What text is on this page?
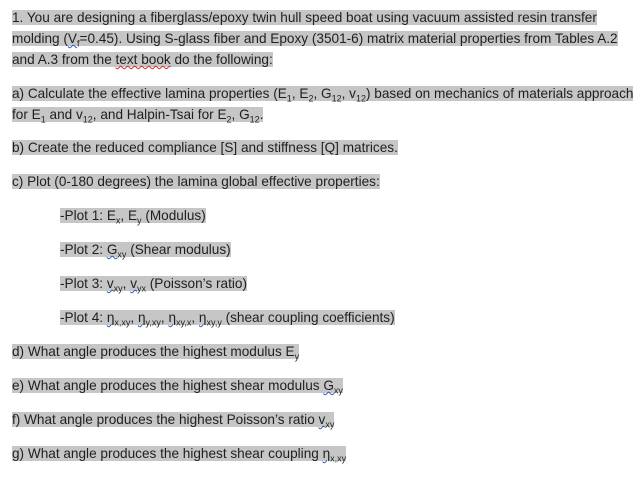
1. You are designing a fiberglass/epoxy twin hull speed boat using vacuum assisted resin transfer
molding $(V_f=0.45)$. Using S-glass fiber and Epoxy (3501-6) matrix material properties from Tables A.2
and A.3 from the text book do the following:
a) Calculate the effective lamina properties ($E_1$, $E_2$, $G_{12}$, $v_{12}$) based on mechanics of materials approach
for $E_1$ and $v_{12}$, and Halpin-Tsai for $E_2$, $G_{12}$.
b) Create the reduced compliance [S] and stiffness [Q] matrices.
c) Plot (0-180 degrees) the lamina global effective properties:
-Plot 1: $E_x$, $E_y$ (Modulus)
-Plot 2: $G_{xy}$ (Shear modulus)
-Plot 3: $v_{xy}$, $v_{yx}$ (Poisson’s ratio)
-Plot 4: $\eta_{x,xy}$, $\eta_{y,xy}$, $\eta_{xy,x}$, $\eta_{xy,y}$ (shear coupling coefficients)
d) What angle produces the highest modulus $E_y$
e) What angle produces the highest shear modulus $G_{xy}$
f) What angle produces the highest Poisson’s ratio $v_{xy}$
g) What angle produces the highest shear coupling $\eta_{x,xy}$
